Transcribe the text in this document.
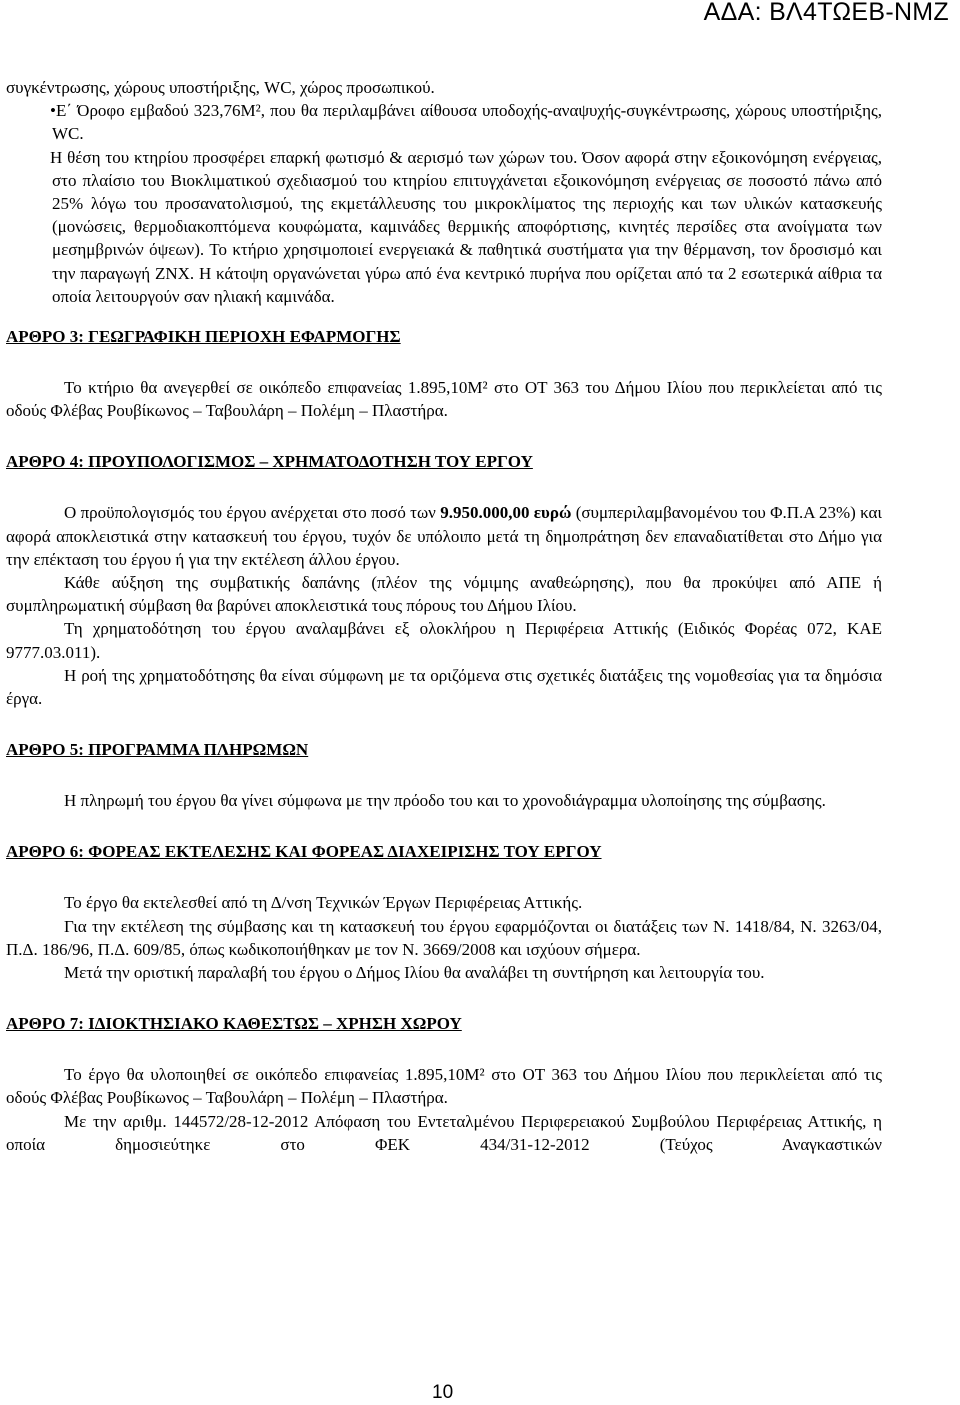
ΑΔΑ: ΒΛ4ΤΩΕΒ-ΝΜΖ

συγκέντρωσης, χώρους υποστήριξης, WC, χώρος προσωπικού.

•Ε΄ Όροφο εμβαδού 323,76Μ², που θα περιλαμβάνει αίθουσα υποδοχής-αναψυχής-συγκέντρωσης, χώρους υποστήριξης, WC.

Η θέση του κτηρίου προσφέρει επαρκή φωτισμό & αερισμό των χώρων του. Όσον αφορά στην εξοικονόμηση ενέργειας, στο πλαίσιο του Βιοκλιματικού σχεδιασμού του κτηρίου επιτυγχάνεται εξοικονόμηση ενέργειας σε ποσοστό πάνω από 25% λόγω του προσανατολισμού, της εκμετάλλευσης του μικροκλίματος της περιοχής και των υλικών κατασκευής (μονώσεις, θερμοδιακοπτόμενα κουφώματα, καμινάδες θερμικής αποφόρτισης, κινητές περσίδες στα ανοίγματα των μεσημβρινών όψεων). Το κτήριο χρησιμοποιεί ενεργειακά & παθητικά συστήματα για την θέρμανση, τον δροσισμό και την παραγωγή ΖΝΧ. Η κάτοψη οργανώνεται γύρω από ένα κεντρικό πυρήνα που ορίζεται από τα 2 εσωτερικά αίθρια τα οποία λειτουργούν σαν ηλιακή καμινάδα.

ΑΡΘΡΟ 3: ΓΕΩΓΡΑΦΙΚΗ ΠΕΡΙΟΧΗ ΕΦΑΡΜΟΓΗΣ

Το κτήριο θα ανεγερθεί σε οικόπεδο επιφανείας 1.895,10Μ² στο ΟΤ 363 του Δήμου Ιλίου που περικλείεται από τις οδούς Φλέβας Ρουβίκωνος – Ταβουλάρη – Πολέμη – Πλαστήρα.

ΑΡΘΡΟ 4: ΠΡΟΥΠΟΛΟΓΙΣΜΟΣ – ΧΡΗΜΑΤΟΔΟΤΗΣΗ ΤΟΥ ΕΡΓΟΥ

Ο προϋπολογισμός του έργου ανέρχεται στο ποσό των 9.950.000,00 ευρώ (συμπεριλαμβανομένου του Φ.Π.Α 23%) και αφορά αποκλειστικά στην κατασκευή του έργου, τυχόν δε υπόλοιπο μετά τη δημοπράτηση δεν επαναδιατίθεται στο Δήμο για την επέκταση του έργου ή για την εκτέλεση άλλου έργου.

Κάθε αύξηση της συμβατικής δαπάνης (πλέον της νόμιμης αναθεώρησης), που θα προκύψει από ΑΠΕ ή συμπληρωματική σύμβαση θα βαρύνει αποκλειστικά τους πόρους του Δήμου Ιλίου.

Τη χρηματοδότηση του έργου αναλαμβάνει εξ ολοκλήρου η Περιφέρεια Αττικής (Ειδικός Φορέας 072, ΚΑΕ 9777.03.011).

Η ροή της χρηματοδότησης θα είναι σύμφωνη με τα οριζόμενα στις σχετικές διατάξεις της νομοθεσίας για τα δημόσια έργα.

ΑΡΘΡΟ 5: ΠΡΟΓΡΑΜΜΑ ΠΛΗΡΩΜΩΝ

Η πληρωμή του έργου θα γίνει σύμφωνα με την πρόοδο του και το χρονοδιάγραμμα υλοποίησης της σύμβασης.

ΑΡΘΡΟ 6: ΦΟΡΕΑΣ ΕΚΤΕΛΕΣΗΣ ΚΑΙ ΦΟΡΕΑΣ ΔΙΑΧΕΙΡΙΣΗΣ ΤΟΥ ΕΡΓΟΥ

Το έργο θα εκτελεσθεί από τη Δ/νση Τεχνικών Έργων Περιφέρειας Αττικής.

Για την εκτέλεση της σύμβασης και τη κατασκευή του έργου εφαρμόζονται οι διατάξεις των Ν. 1418/84, Ν. 3263/04, Π.Δ. 186/96, Π.Δ. 609/85, όπως κωδικοποιήθηκαν με τον Ν. 3669/2008 και ισχύουν σήμερα.

Μετά την οριστική παραλαβή του έργου ο Δήμος Ιλίου θα αναλάβει τη συντήρηση και λειτουργία του.

ΑΡΘΡΟ 7: ΙΔΙΟΚΤΗΣΙΑΚΟ ΚΑΘΕΣΤΩΣ – ΧΡΗΣΗ ΧΩΡΟΥ

Το έργο θα υλοποιηθεί σε οικόπεδο επιφανείας 1.895,10Μ² στο ΟΤ 363 του Δήμου Ιλίου που περικλείεται από τις οδούς Φλέβας Ρουβίκωνος – Ταβουλάρη – Πολέμη – Πλαστήρα.

Με την αριθμ. 144572/28-12-2012 Απόφαση του Εντεταλμένου Περιφερειακού Συμβούλου Περιφέρειας Αττικής, η οποία δημοσιεύτηκε στο ΦΕΚ 434/31-12-2012 (Τεύχος Αναγκαστικών

10
